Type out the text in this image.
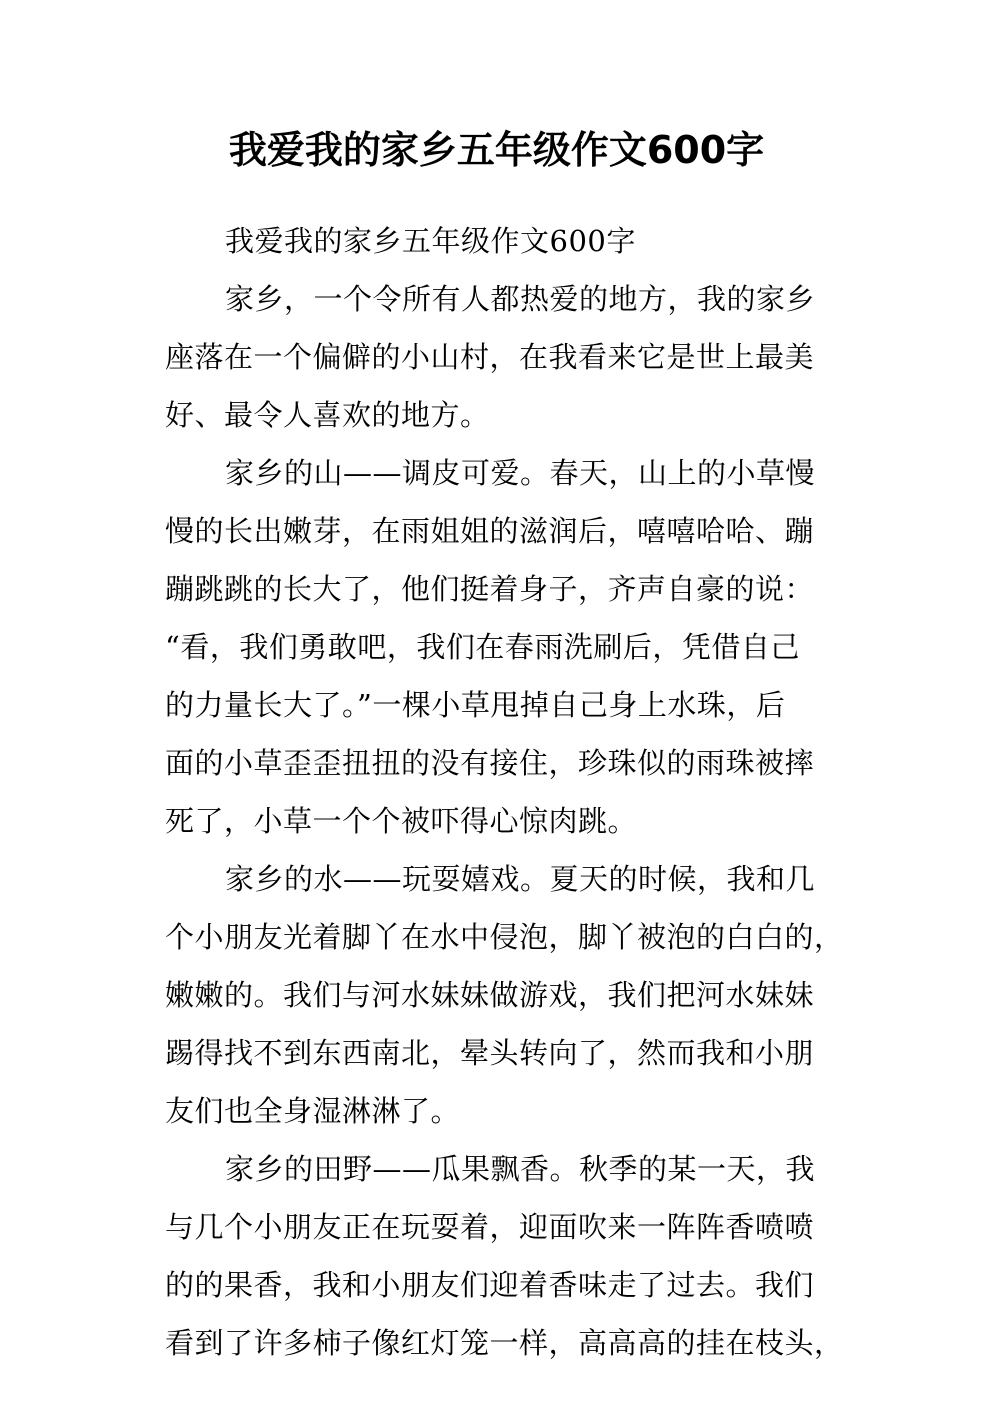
我爱我的家乡五年级作文600字
我爱我的家乡五年级作文600字
家乡，一个令所有人都热爱的地方，我的家乡
座落在一个偏僻的小山村，在我看来它是世上最美
好、最令人喜欢的地方。
家乡的山——调皮可爱。春天，山上的小草慢
慢的长出嫩芽，在雨姐姐的滋润后，嘻嘻哈哈、蹦
蹦跳跳的长大了，他们挺着身子，齐声自豪的说：
“看，我们勇敢吧，我们在春雨洗刷后，凭借自己
的力量长大了。”一棵小草甩掉自己身上水珠，后
面的小草歪歪扭扭的没有接住，珍珠似的雨珠被摔
死了，小草一个个被吓得心惊肉跳。
家乡的水——玩耍嬉戏。夏天的时候，我和几
个小朋友光着脚丫在水中侵泡，脚丫被泡的白白的，
嫩嫩的。我们与河水妹妹做游戏，我们把河水妹妹
踢得找不到东西南北，晕头转向了，然而我和小朋
友们也全身湿淋淋了。
家乡的田野——瓜果飘香。秋季的某一天，我
与几个小朋友正在玩耍着，迎面吹来一阵阵香喷喷
的的果香，我和小朋友们迎着香味走了过去。我们
看到了许多柿子像红灯笼一样，高高高的挂在枝头，
